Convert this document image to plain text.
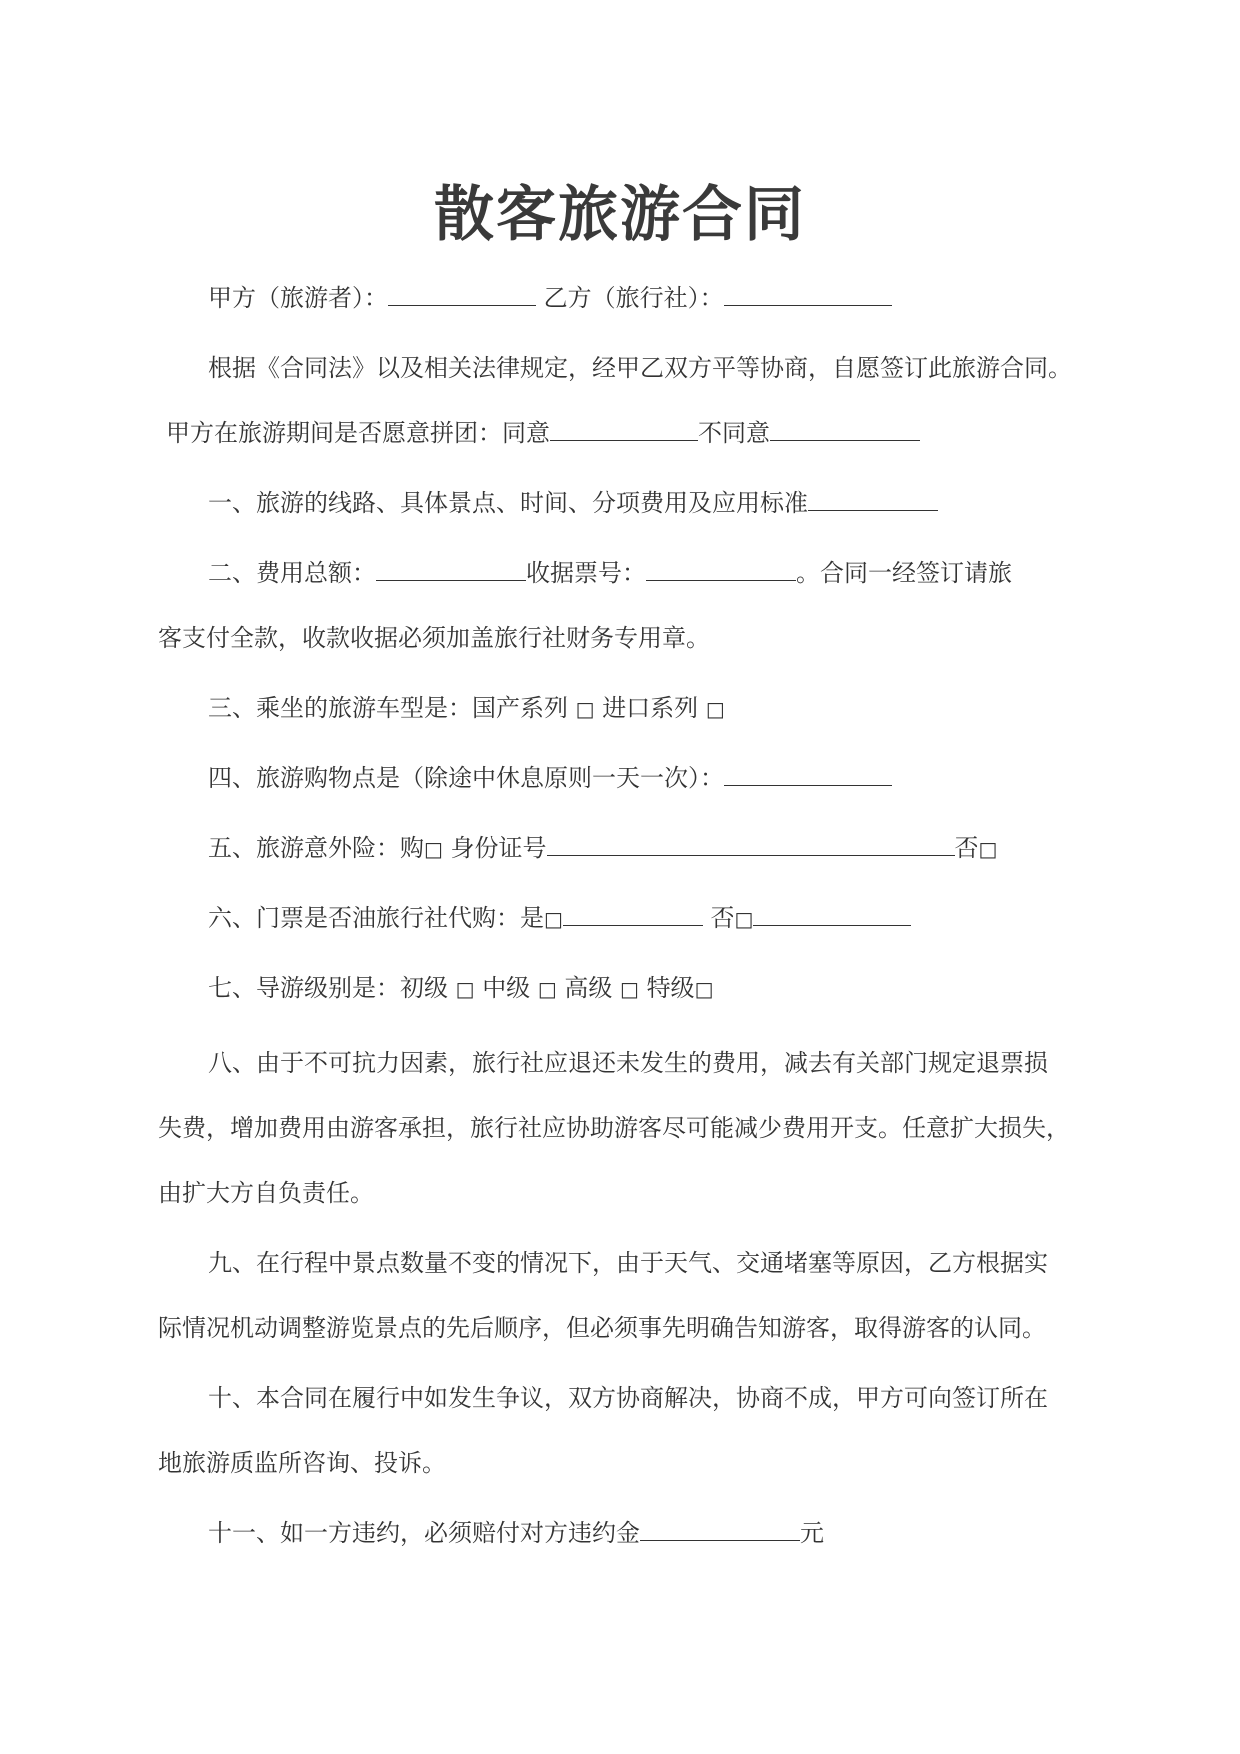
散客旅游合同
甲方（旅游者）：	乙方（旅行社）：
根据《合同法》以及相关法律规定，经甲乙双方平等协商，自愿签订此旅游合同。
甲方在旅游期间是否愿意拼团：同意	不同意
一、旅游的线路、具体景点、时间、分项费用及应用标准
二、费用总额：	收据票号：	。合同一经签订请旅
客支付全款，收款收据必须加盖旅行社财务专用章。
三、乘坐的旅游车型是：国产系列 □ 进口系列 □
四、旅游购物点是（除途中休息原则一天一次）：
五、旅游意外险：购□ 身份证号	否□
六、门票是否油旅行社代购：是□	否□
七、导游级别是：初级 □ 中级 □ 高级 □ 特级□
八、由于不可抗力因素，旅行社应退还未发生的费用，减去有关部门规定退票损
失费，增加费用由游客承担，旅行社应协助游客尽可能减少费用开支。任意扩大损失，
由扩大方自负责任。
九、在行程中景点数量不变的情况下，由于天气、交通堵塞等原因，乙方根据实
际情况机动调整游览景点的先后顺序，但必须事先明确告知游客，取得游客的认同。
十、本合同在履行中如发生争议，双方协商解决，协商不成，甲方可向签订所在
地旅游质监所咨询、投诉。
十一、如一方违约，必须赔付对方违约金	元
